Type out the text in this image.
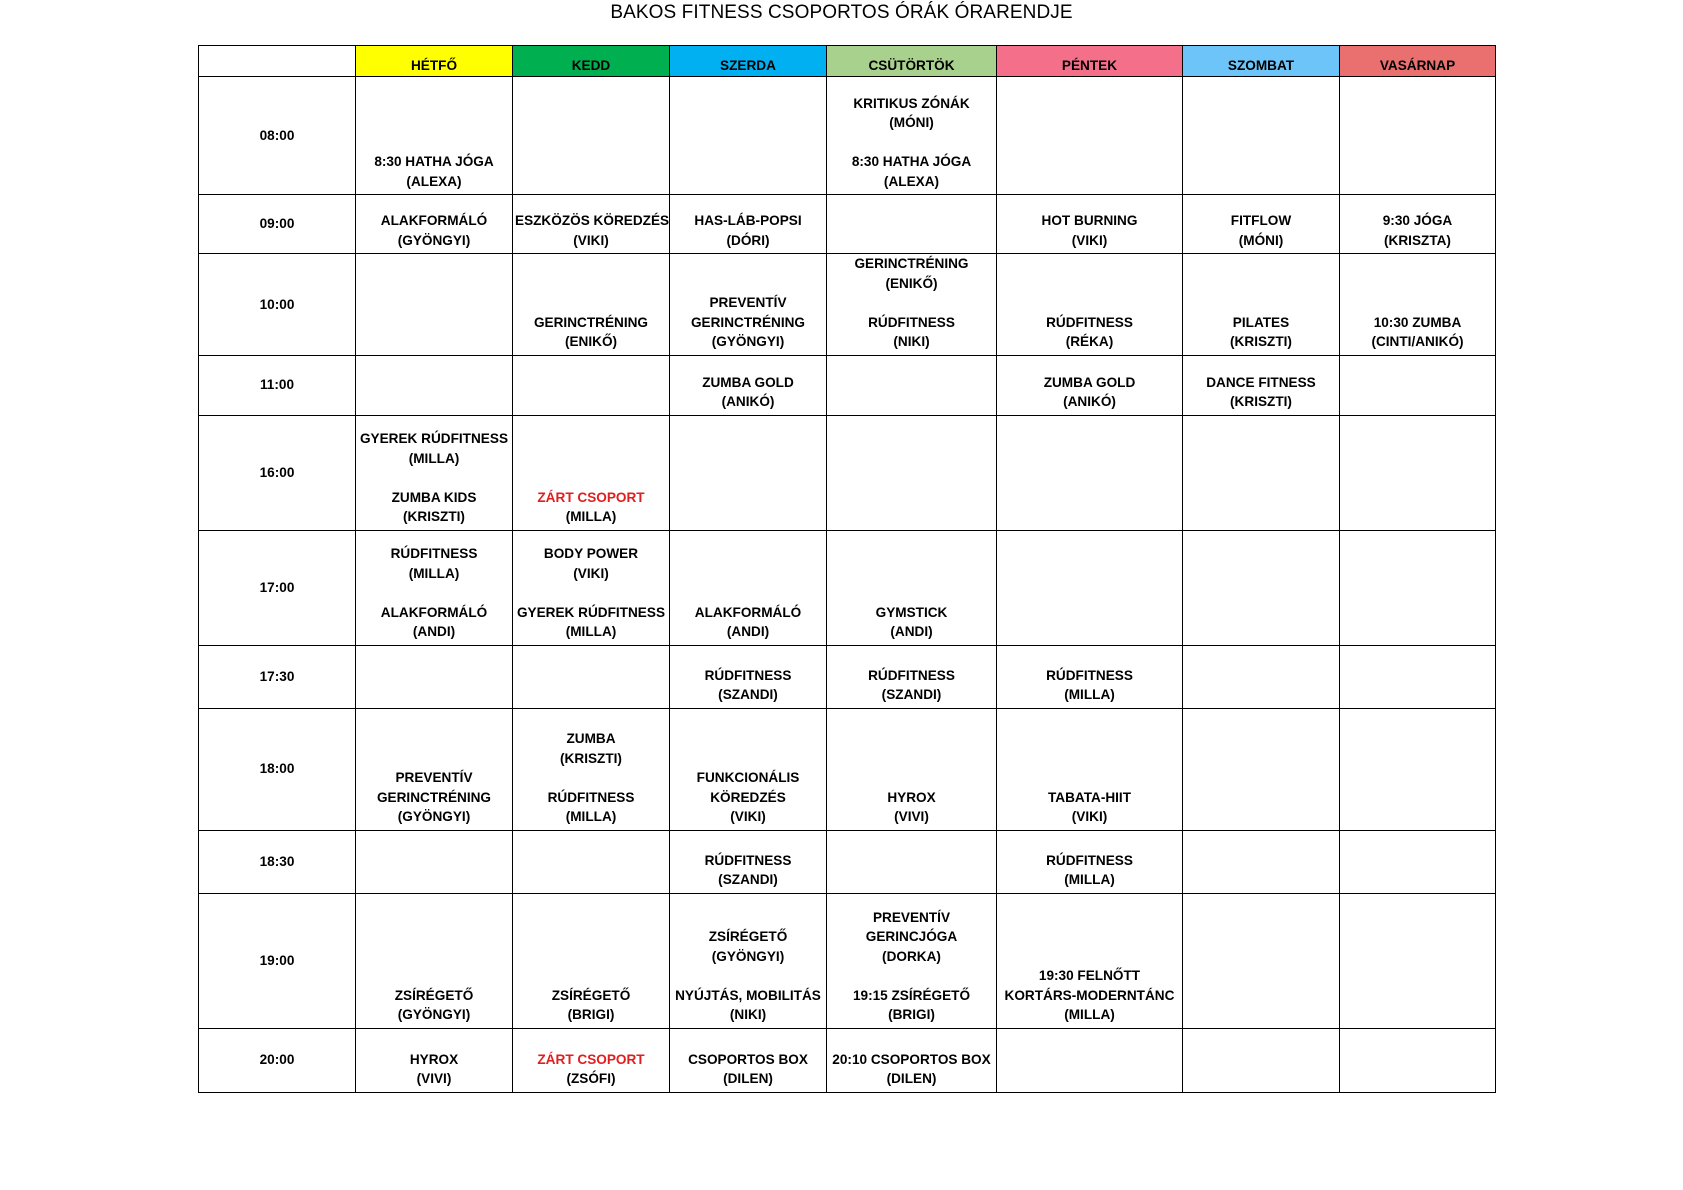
BAKOS FITNESS CSOPORTOS ÓRÁK ÓRARENDJE
	HÉTFŐ	KEDD	SZERDA	CSÜTÖRTÖK	PÉNTEK	SZOMBAT	VASÁRNAP
08:00	8:30 HATHA JÓGA
(ALEXA)			KRITIKUS ZÓNÁK
(MÓNI)
8:30 HATHA JÓGA
(ALEXA)			

09:00	ALAKFORMÁLÓ
(GYÖNGYI)	ESZKÖZÖS KÖREDZÉS
(VIKI)	HAS-LÁB-POPSI
(DÓRI)		HOT BURNING
(VIKI)	FITFLOW
(MÓNI)	9:30 JÓGA
(KRISZTA)

10:00		GERINCTRÉNING
(ENIKŐ)	PREVENTÍV
GERINCTRÉNING
(GYÖNGYI)	GERINCTRÉNING
(ENIKŐ)
RÚDFITNESS
(NIKI)	RÚDFITNESS
(RÉKA)	PILATES
(KRISZTI)	10:30 ZUMBA
(CINTI/ANIKÓ)

11:00			ZUMBA GOLD
(ANIKÓ)		ZUMBA GOLD
(ANIKÓ)	DANCE FITNESS
(KRISZTI)	

16:00	GYEREK RÚDFITNESS
(MILLA)
ZUMBA KIDS
(KRISZTI)	ZÁRT CSOPORT
(MILLA)					

17:00	RÚDFITNESS
(MILLA)
ALAKFORMÁLÓ
(ANDI)	BODY POWER
(VIKI)
GYEREK RÚDFITNESS
(MILLA)	ALAKFORMÁLÓ
(ANDI)	GYMSTICK
(ANDI)			

17:30			RÚDFITNESS
(SZANDI)	RÚDFITNESS
(SZANDI)	RÚDFITNESS
(MILLA)		

18:00	PREVENTÍV
GERINCTRÉNING
(GYÖNGYI)	ZUMBA
(KRISZTI)
RÚDFITNESS
(MILLA)	FUNKCIONÁLIS
KÖREDZÉS
(VIKI)	HYROX
(VIVI)	TABATA-HIIT
(VIKI)		

18:30			RÚDFITNESS
(SZANDI)		RÚDFITNESS
(MILLA)		

19:00	ZSÍRÉGETŐ
(GYÖNGYI)	ZSÍRÉGETŐ
(BRIGI)	ZSÍRÉGETŐ
(GYÖNGYI)
NYÚJTÁS, MOBILITÁS
(NIKI)	PREVENTÍV
GERINCJÓGA
(DORKA)
19:15 ZSÍRÉGETŐ
(BRIGI)	19:30 FELNŐTT
KORTÁRS-MODERNTÁNC
(MILLA)		

20:00	HYROX
(VIVI)	ZÁRT CSOPORT
(ZSÓFI)	CSOPORTOS BOX
(DILEN)	20:10 CSOPORTOS BOX
(DILEN)			
